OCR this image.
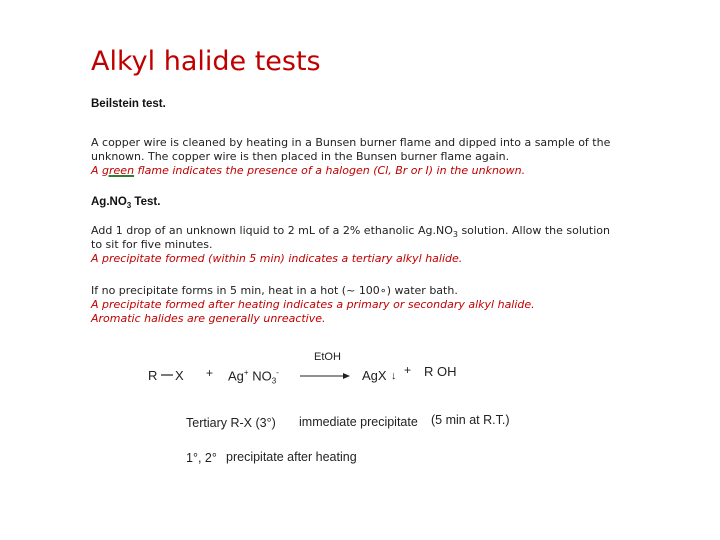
Alkyl halide tests
Beilstein test.
A copper wire is cleaned by heating in a Bunsen burner flame and dipped into a sample of the
unknown. The copper wire is then placed in the Bunsen burner flame again.
A green flame indicates the presence of a halogen (Cl, Br or I) in the unknown.
$Ag.NO_3$ Test.
Add 1 drop of an unknown liquid to 2 mL of a 2% ethanolic $Ag.NO_3$ solution. Allow the solution
to sit for five minutes.
A precipitate formed (within 5 min) indicates a tertiary alkyl halide.
If no precipitate forms in 5 min, heat in a hot (~ 100∘) water bath.
A precipitate formed after heating indicates a primary or secondary alkyl halide.
Aromatic halides are generally unreactive.
R X + Ag+ $NO_3^-$
EtOH
→ AgX ↓ + R OH
Tertiary R-X (3°) immediate precipitate (5 min at R.T.)
1°, 2° precipitate after heating
